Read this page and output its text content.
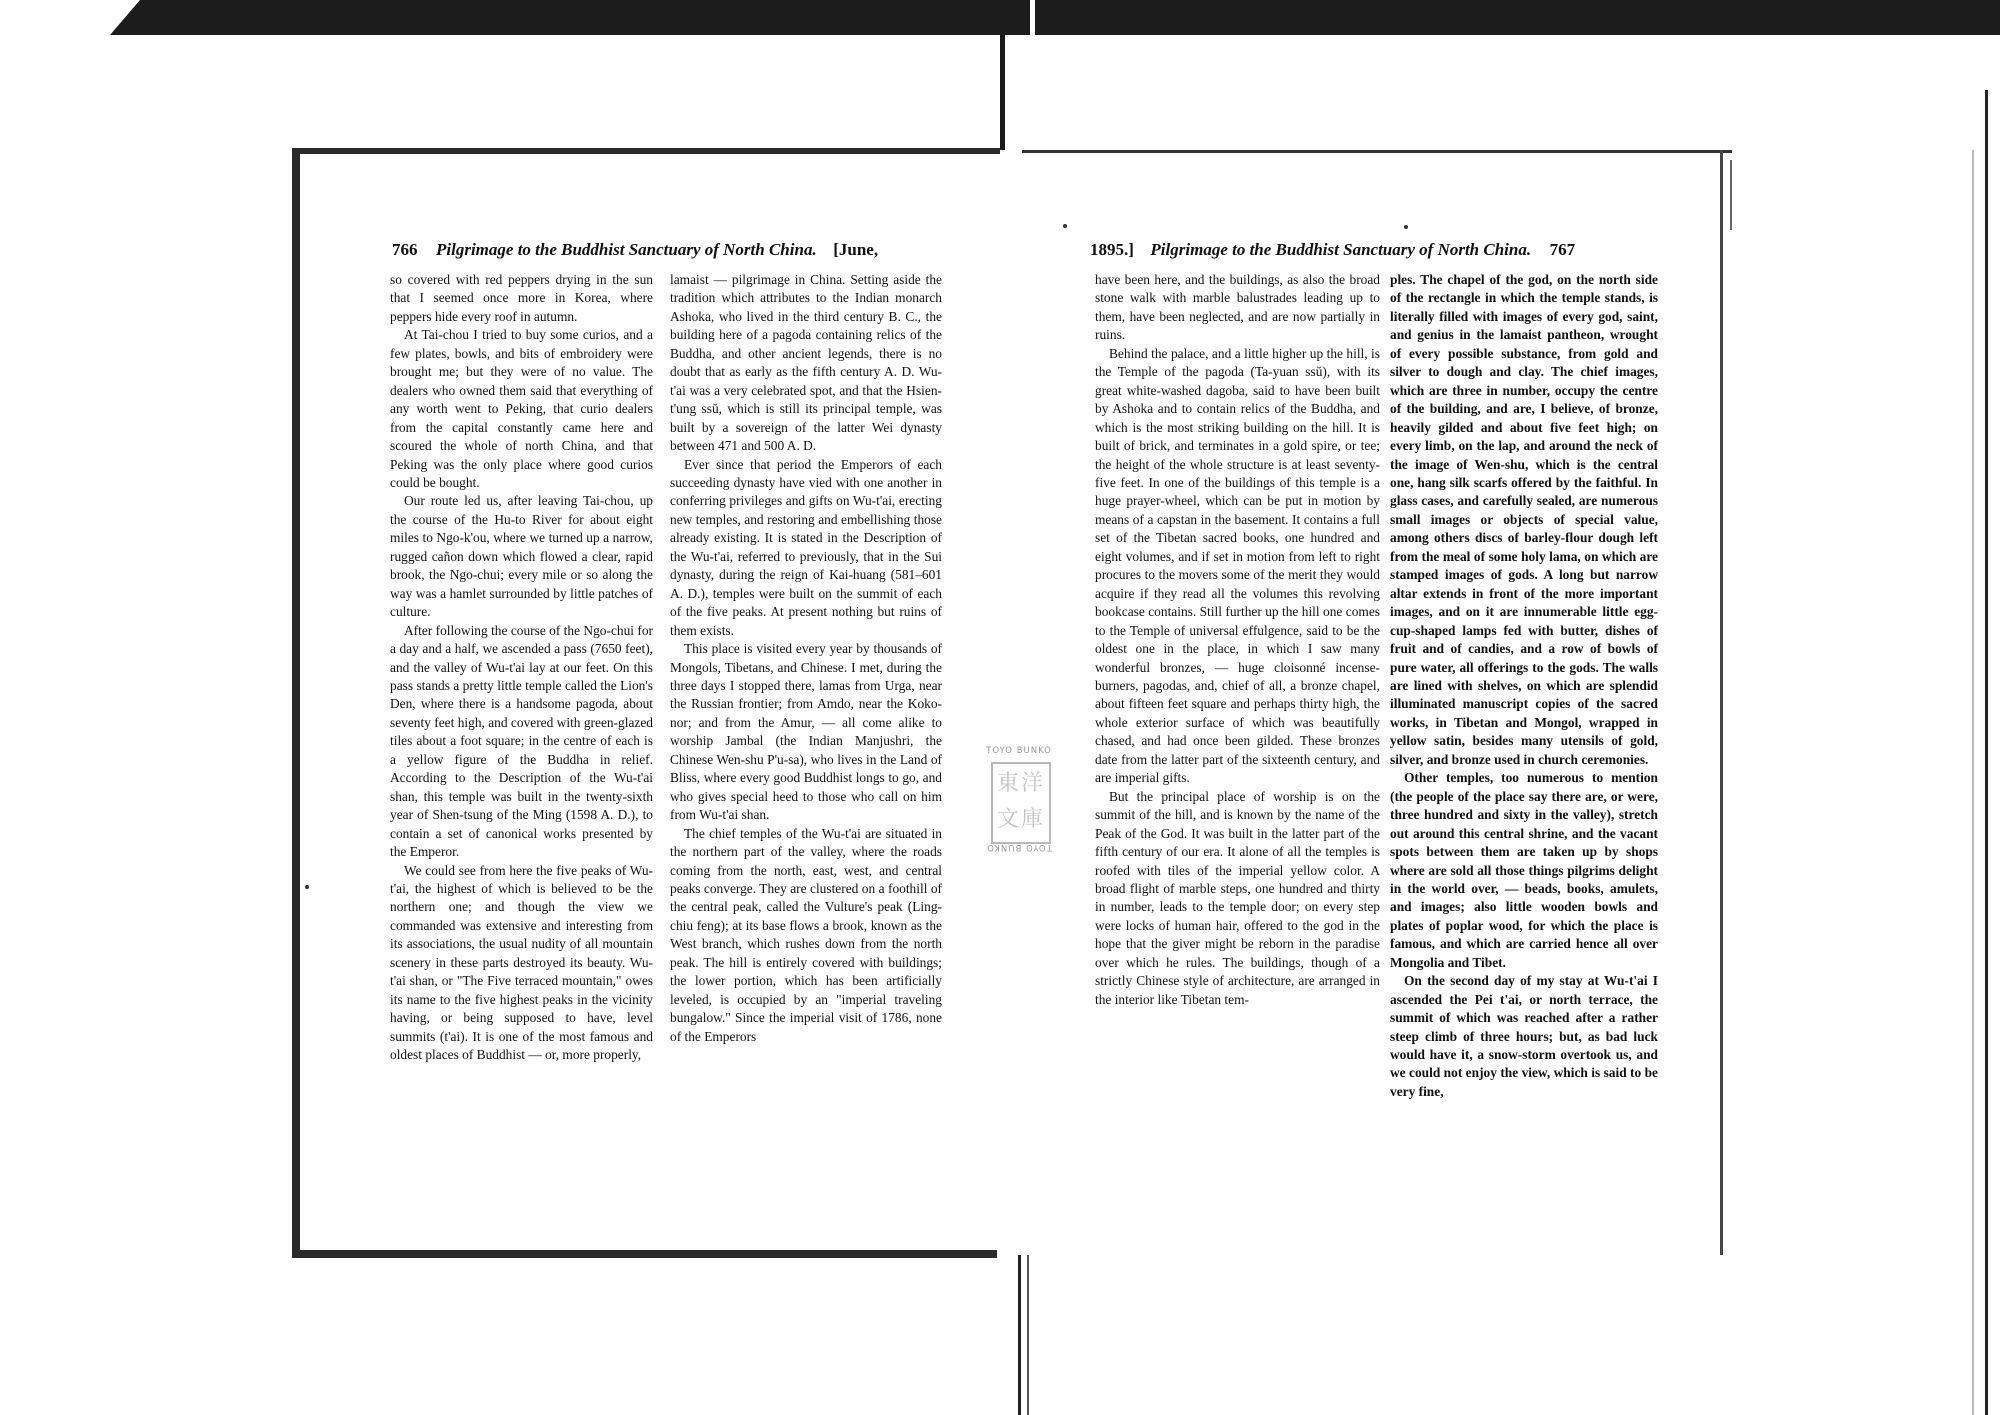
766 Pilgrimage to the Buddhist Sanctuary of North China. [June,	1895.] Pilgrimage to the Buddhist Sanctuary of North China. 767

so covered with red peppers drying in the sun that I seemed once more in Korea, where peppers hide every roof in autumn.

At Tai-chou I tried to buy some curios, and a few plates, bowls, and bits of embroidery were brought me; but they were of no value. The dealers who owned them said that everything of any worth went to Peking, that curio dealers from the capital constantly came here and scoured the whole of north China, and that Peking was the only place where good curios could be bought.

Our route led us, after leaving Tai-chou, up the course of the Hu-to River for about eight miles to Ngo-k'ou, where we turned up a narrow, rugged cañon down which flowed a clear, rapid brook, the Ngo-chui; every mile or so along the way was a hamlet surrounded by little patches of culture.

After following the course of the Ngo-chui for a day and a half, we ascended a pass (7650 feet), and the valley of Wu-t'ai lay at our feet. On this pass stands a pretty little temple called the Lion's Den, where there is a handsome pagoda, about seventy feet high, and covered with green-glazed tiles about a foot square; in the centre of each is a yellow figure of the Buddha in relief. According to the Description of the Wu-t'ai shan, this temple was built in the twenty-sixth year of Shen-tsung of the Ming (1598 A. D.), to contain a set of canonical works presented by the Emperor.

We could see from here the five peaks of Wu-t'ai, the highest of which is believed to be the northern one; and though the view we commanded was extensive and interesting from its associations, the usual nudity of all mountain scenery in these parts destroyed its beauty. Wu-t'ai shan, or "The Five terraced mountain," owes its name to the five highest peaks in the vicinity having, or being supposed to have, level summits (t'ai). It is one of the most famous and oldest places of Buddhist — or, more properly,

lamaist — pilgrimage in China. Setting aside the tradition which attributes to the Indian monarch Ashoka, who lived in the third century B. C., the building here of a pagoda containing relics of the Buddha, and other ancient legends, there is no doubt that as early as the fifth century A. D. Wu-t'ai was a very celebrated spot, and that the Hsien-t'ung ssŭ, which is still its principal temple, was built by a sovereign of the latter Wei dynasty between 471 and 500 A. D.

Ever since that period the Emperors of each succeeding dynasty have vied with one another in conferring privileges and gifts on Wu-t'ai, erecting new temples, and restoring and embellishing those already existing. It is stated in the Description of the Wu-t'ai, referred to previously, that in the Sui dynasty, during the reign of Kai-huang (581–601 A. D.), temples were built on the summit of each of the five peaks. At present nothing but ruins of them exists.

This place is visited every year by thousands of Mongols, Tibetans, and Chinese. I met, during the three days I stopped there, lamas from Urga, near the Russian frontier; from Amdo, near the Koko-nor; and from the Amur, — all come alike to worship Jambal (the Indian Manjushri, the Chinese Wen-shu P'u-sa), who lives in the Land of Bliss, where every good Buddhist longs to go, and who gives special heed to those who call on him from Wu-t'ai shan.

The chief temples of the Wu-t'ai are situated in the northern part of the valley, where the roads coming from the north, east, west, and central peaks converge. They are clustered on a foothill of the central peak, called the Vulture's peak (Ling-chiu feng); at its base flows a brook, known as the West branch, which rushes down from the north peak. The hill is entirely covered with buildings; the lower portion, which has been artificially leveled, is occupied by an "imperial traveling bungalow." Since the imperial visit of 1786, none of the Emperors

have been here, and the buildings, as also the broad stone walk with marble balustrades leading up to them, have been neglected, and are now partially in ruins.

Behind the palace, and a little higher up the hill, is the Temple of the pagoda (Ta-yuan ssŭ), with its great white-washed dagoba, said to have been built by Ashoka and to contain relics of the Buddha, and which is the most striking building on the hill. It is built of brick, and terminates in a gold spire, or tee; the height of the whole structure is at least seventy-five feet. In one of the buildings of this temple is a huge prayer-wheel, which can be put in motion by means of a capstan in the basement. It contains a full set of the Tibetan sacred books, one hundred and eight volumes, and if set in motion from left to right procures to the movers some of the merit they would acquire if they read all the volumes this revolving bookcase contains. Still further up the hill one comes to the Temple of universal effulgence, said to be the oldest one in the place, in which I saw many wonderful bronzes, — huge cloisonné incense-burners, pagodas, and, chief of all, a bronze chapel, about fifteen feet square and perhaps thirty high, the whole exterior surface of which was beautifully chased, and had once been gilded. These bronzes date from the latter part of the sixteenth century, and are imperial gifts.

But the principal place of worship is on the summit of the hill, and is known by the name of the Peak of the God. It was built in the latter part of the fifth century of our era. It alone of all the temples is roofed with tiles of the imperial yellow color. A broad flight of marble steps, one hundred and thirty in number, leads to the temple door; on every step were locks of human hair, offered to the god in the hope that the giver might be reborn in the paradise over which he rules. The buildings, though of a strictly Chinese style of architecture, are arranged in the interior like Tibetan tem-

ples. The chapel of the god, on the north side of the rectangle in which the temple stands, is literally filled with images of every god, saint, and genius in the lamaist pantheon, wrought of every possible substance, from gold and silver to dough and clay. The chief images, which are three in number, occupy the centre of the building, and are, I believe, of bronze, heavily gilded and about five feet high; on every limb, on the lap, and around the neck of the image of Wen-shu, which is the central one, hang silk scarfs offered by the faithful. In glass cases, and carefully sealed, are numerous small images or objects of special value, among others discs of barley-flour dough left from the meal of some holy lama, on which are stamped images of gods. A long but narrow altar extends in front of the more important images, and on it are innumerable little egg-cup-shaped lamps fed with butter, dishes of fruit and of candies, and a row of bowls of pure water, all offerings to the gods. The walls are lined with shelves, on which are splendid illuminated manuscript copies of the sacred works, in Tibetan and Mongol, wrapped in yellow satin, besides many utensils of gold, silver, and bronze used in church ceremonies.

Other temples, too numerous to mention (the people of the place say there are, or were, three hundred and sixty in the valley), stretch out around this central shrine, and the vacant spots between them are taken up by shops where are sold all those things pilgrims delight in the world over, — beads, books, amulets, and images; also little wooden bowls and plates of poplar wood, for which the place is famous, and which are carried hence all over Mongolia and Tibet.

On the second day of my stay at Wu-t'ai I ascended the Pei t'ai, or north terrace, the summit of which was reached after a rather steep climb of three hours; but, as bad luck would have it, a snow-storm overtook us, and we could not enjoy the view, which is said to be very fine,

TOYO BUNKO
東 洋
文 庫
TOYO BUNKO
